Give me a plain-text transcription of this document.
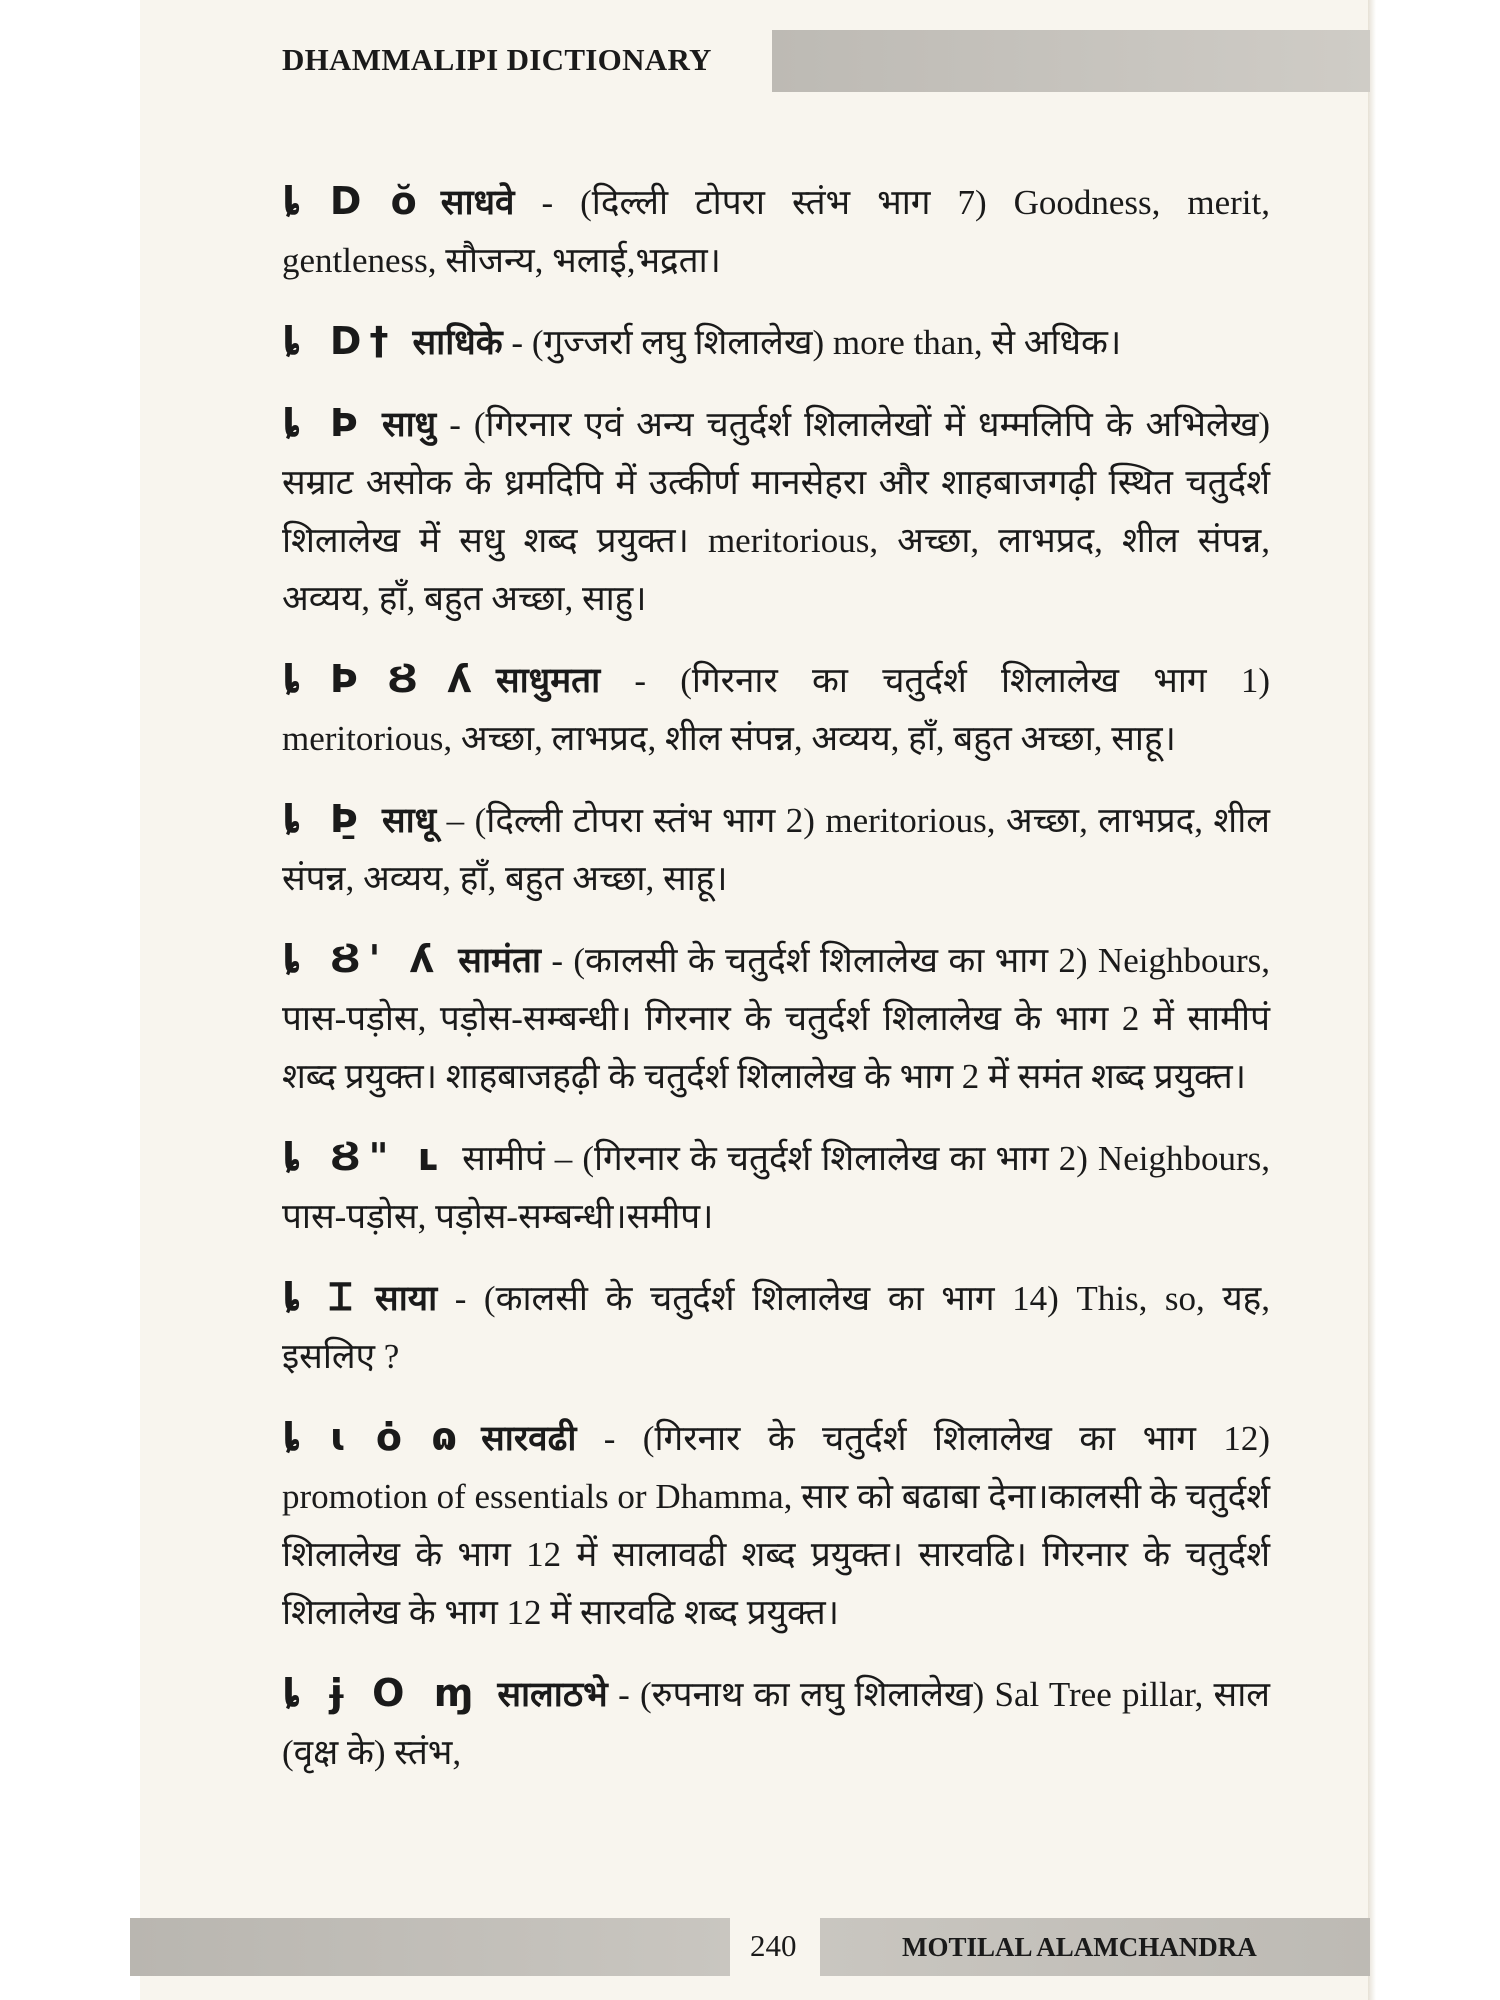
DHAMMALIPI DICTIONARY

ȴ D ŏ साधवे - (दिल्ली टोपरा स्तंभ भाग 7) Goodness, merit, gentleness, सौजन्य, भलाई,भद्रता।

ȴ D† साधिके - (गुज्जर्रा लघु शिलालेख) more than, से अधिक।

ȴ Ϸ साधु - (गिरनार एवं अन्य चतुर्दर्श शिलालेखों में धम्मलिपि के अभिलेख) सम्राट असोक के ध्रमदिपि में उत्कीर्ण मानसेहरा और शाहबाजगढ़ी स्थित चतुर्दर्श शिलालेख में सधु शब्द प्रयुक्त। meritorious, अच्छा, लाभप्रद, शील संपन्न, अव्यय, हाँ, बहुत अच्छा, साहु।

ȴ Ϸ Ȣ ʎ साधुमता - (गिरनार का चतुर्दर्श शिलालेख भाग 1) meritorious, अच्छा, लाभप्रद, शील संपन्न, अव्यय, हाँ, बहुत अच्छा, साहू।

ȴ Ϸ̱ साधू – (दिल्ली टोपरा स्तंभ भाग 2) meritorious, अच्छा, लाभप्रद, शील संपन्न, अव्यय, हाँ, बहुत अच्छा, साहू।

ȴ Ȣ' ʎ सामंता - (कालसी के चतुर्दर्श शिलालेख का भाग 2) Neighbours, पास-पड़ोस, पड़ोस-सम्बन्धी। गिरनार के चतुर्दर्श शिलालेख के भाग 2 में सामीपं शब्द प्रयुक्त। शाहबाजहढ़ी के चतुर्दर्श शिलालेख के भाग 2 में समंत शब्द प्रयुक्त।

ȴ Ȣ" ʟ सामीपं – (गिरनार के चतुर्दर्श शिलालेख का भाग 2) Neighbours, पास-पड़ोस, पड़ोस-सम्बन्धी।समीप।

ȴ Ɪ साया - (कालसी के चतुर्दर्श शिलालेख का भाग 14) This, so, यह, इसलिए ?

ȴ ɩ ȯ ɷ सारवढी - (गिरनार के चतुर्दर्श शिलालेख का भाग 12) promotion of essentials or Dhamma, सार को बढाबा देना।कालसी के चतुर्दर्श शिलालेख के भाग 12 में सालावढी शब्द प्रयुक्त। सारवढि। गिरनार के चतुर्दर्श शिलालेख के भाग 12 में सारवढि शब्द प्रयुक्त।

ȴ ɉ O ɱ सालाठभे - (रुपनाथ का लघु शिलालेख) Sal Tree pillar, साल (वृक्ष के) स्तंभ,

240	MOTILAL ALAMCHANDRA
